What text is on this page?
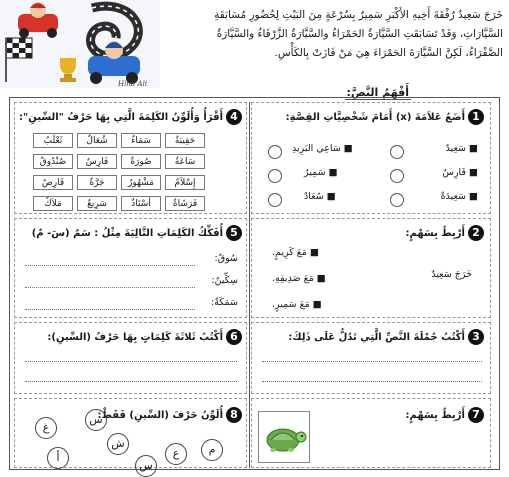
Hind Ali
خَرَجَ سَعِيدٌ رُفْقَةَ أَخِيهِ الأَكْبَرِ سَمِيرٌ بِسُرْعَةٍ مِنَ البَيْتِ لِحُضُورِ مُسَابَقَةِ
السَّيَّارَاتِ، وَقَدْ تَسَابَقَتِ السَّيَّارَةُ الحَمْرَاءُ والسَّيَّارَةُ الزَّرْقَاءُ والسَّيَّارَةُ
الصَّفْرَاءُ، لَكِنَّ السَّيَّارَةَ الحَمْرَاءَ هِيَ مَنْ فَازَتْ بِالكَأْسِ.
أَفْهَمُ النَّصَّ:
1أَضَعُ عَلاَمَةَ (x) أَمَامَ شَخْصِيَّاتِ القِصَّةِ:
■ سَعِيدٌ
■ فَارِسٌ
■ سَعِيدَةٌ
■ سَاعِي البَرِيدِ
■ سَمِيرٌ
■ سُعَادٌ
4أَقْرَأُ وَأُلَوِّنُ الكَلِمَةَ الَّتِي بِهَا حَرْفُ "السِّينِ":
حَقِيبَةٌ
سَمَاءٌ
شُعَالٌ
ثَعْلَبٌ
سَاعَةٌ
صُورَةٌ
فَارِسٌ
صُنْدُوقٌ
إِسْلاَمٌ
مَشْهُورٌ
جَرَّةٌ
قَارِصٌ
فَرَشَاةٌ
أُسْتَاذٌ
سَرِيعٌ
مَلاَكٌ
2أَرْبِطُ بِسَهْمٍ:
■ مَعَ كَرِيمٍ.
■ مَعَ صَدِيقِهِ.
■ مَعَ سَمِيرٍ.
خَرَجَ سَعِيدٌ
5أُفَكِّكُ الكَلِمَاتِ التَّالِيَةَ مِثْلُ : سَمٌ (سَ- مٌ)
سُوقٌ:
سِكِّينٌ:
سَمَكَةٌ:
3أَكْتُبُ جُمْلَةَ النَّصِّ الَّتِي تَدُلُّ عَلَى ذَلِكَ:
6أَكْتُبُ ثَلاثَةَ كَلِمَاتٍ بِهَا حَرْفُ (السِّينِ):
7أَرْبِطُ بِسَهْمٍ:
8أُلَوِّنُ حَرْفَ (السِّينِ) فَقَطْ:
س
غ
ش	م
ع
أ
س
